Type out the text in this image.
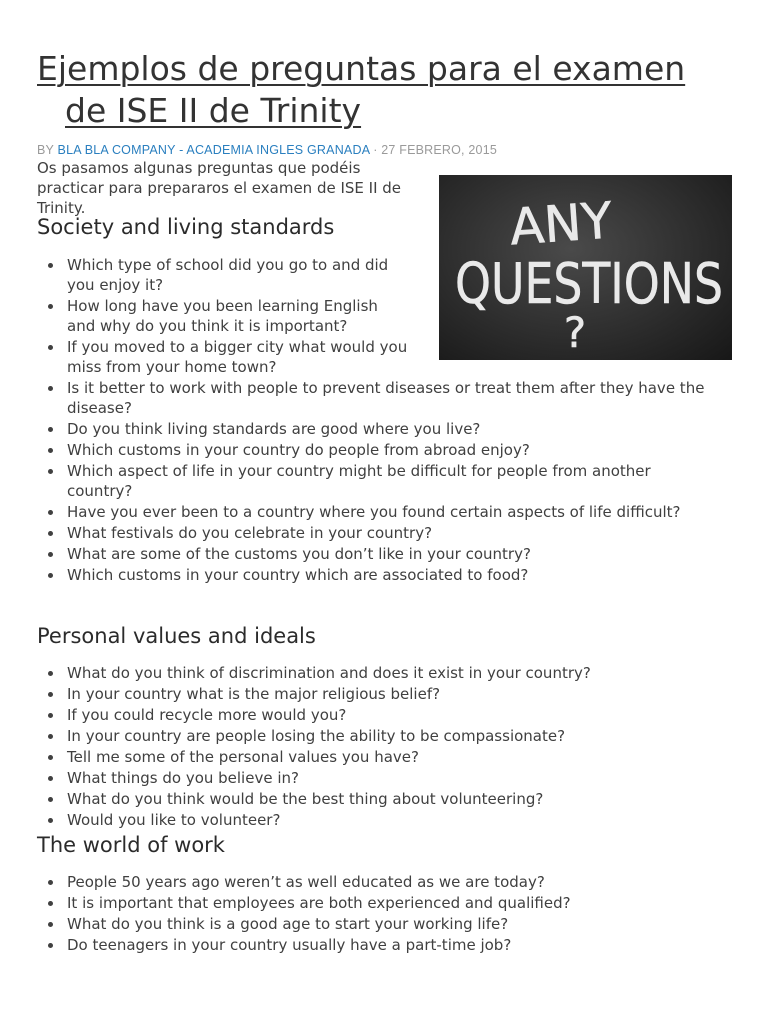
Ejemplos de preguntas para el examen
de ISE II de Trinity

BY BLA BLA COMPANY - ACADEMIA INGLES GRANADA · 27 FEBRERO, 2015

Os pasamos algunas preguntas que podéis practicar para prepararos el examen de ISE II de Trinity.	ANY
QUESTIONS
?
Society and living standards
Which type of school did you go to and did you enjoy it?
How long have you been learning English and why do you think it is important?
If you moved to a bigger city what would you miss from your home town?
Is it better to work with people to prevent diseases or treat them after they have the disease?
Do you think living standards are good where you live?
Which customs in your country do people from abroad enjoy?
Which aspect of life in your country might be difficult for people from another country?
Have you ever been to a country where you found certain aspects of life difficult?
What festivals do you celebrate in your country?
What are some of the customs you don’t like in your country?
Which customs in your country which are associated to food?
Personal values and ideals
What do you think of discrimination and does it exist in your country?
In your country what is the major religious belief?
If you could recycle more would you?
In your country are people losing the ability to be compassionate?
Tell me some of the personal values you have?
What things do you believe in?
What do you think would be the best thing about volunteering?
Would you like to volunteer?
The world of work
People 50 years ago weren’t as well educated as we are today?
It is important that employees are both experienced and qualified?
What do you think is a good age to start your working life?
Do teenagers in your country usually have a part-time job?
